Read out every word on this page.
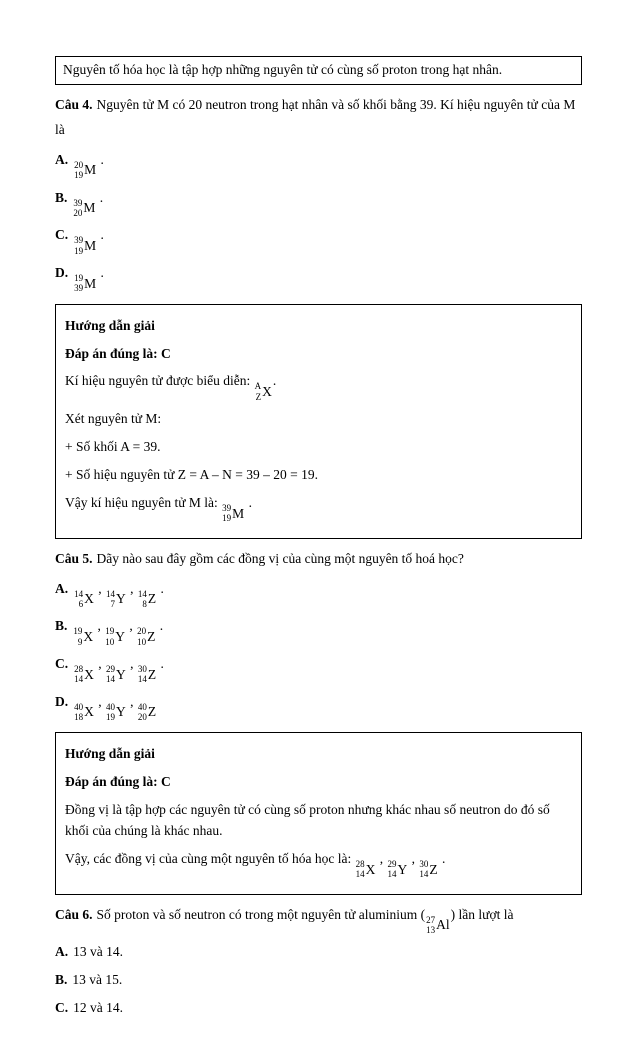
Nguyên tố hóa học là tập hợp những nguyên tử có cùng số proton trong hạt nhân.

Câu 4. Nguyên tử M có 20 neutron trong hạt nhân và số khối bằng 39. Kí hiệu nguyên tử của M là

A. 20
19 M
.

B. 39
20 M
.

C. 39
19 M
.

D. 19
39 M
.

Hướng dẫn giải

Đáp án đúng là: C

Kí hiệu nguyên tử được biểu diễn: A
Z X
.

Xét nguyên tử M:

+ Số khối A = 39.

+ Số hiệu nguyên tử Z = A – N = 39 – 20 = 19.

Vậy kí hiệu nguyên tử M là: 39
19 M
.

Câu 5. Dãy nào sau đây gồm các đồng vị của cùng một nguyên tố hoá học?

A. 14
6 X
, 14
7 Y
, 14
8 Z
.

B. 19
9 X
, 19
10 Y
, 20
10 Z
.

C. 28
14 X
, 29
14 Y
, 30
14 Z
.

D. 40
18 X
, 40
19 Y
, 40
20 Z

Hướng dẫn giải

Đáp án đúng là: C

Đồng vị là tập hợp các nguyên tử có cùng số proton nhưng khác nhau số neutron do đó số khối của chúng là khác nhau.

Vậy, các đồng vị của cùng một nguyên tố hóa học là: 28
14 X
, 29
14 Y
, 30
14 Z
.

Câu 6. Số proton và số neutron có trong một nguyên tử aluminium ( 27
13 Al
) lần lượt là

A. 13 và 14.

B. 13 và 15.

C. 12 và 14.
